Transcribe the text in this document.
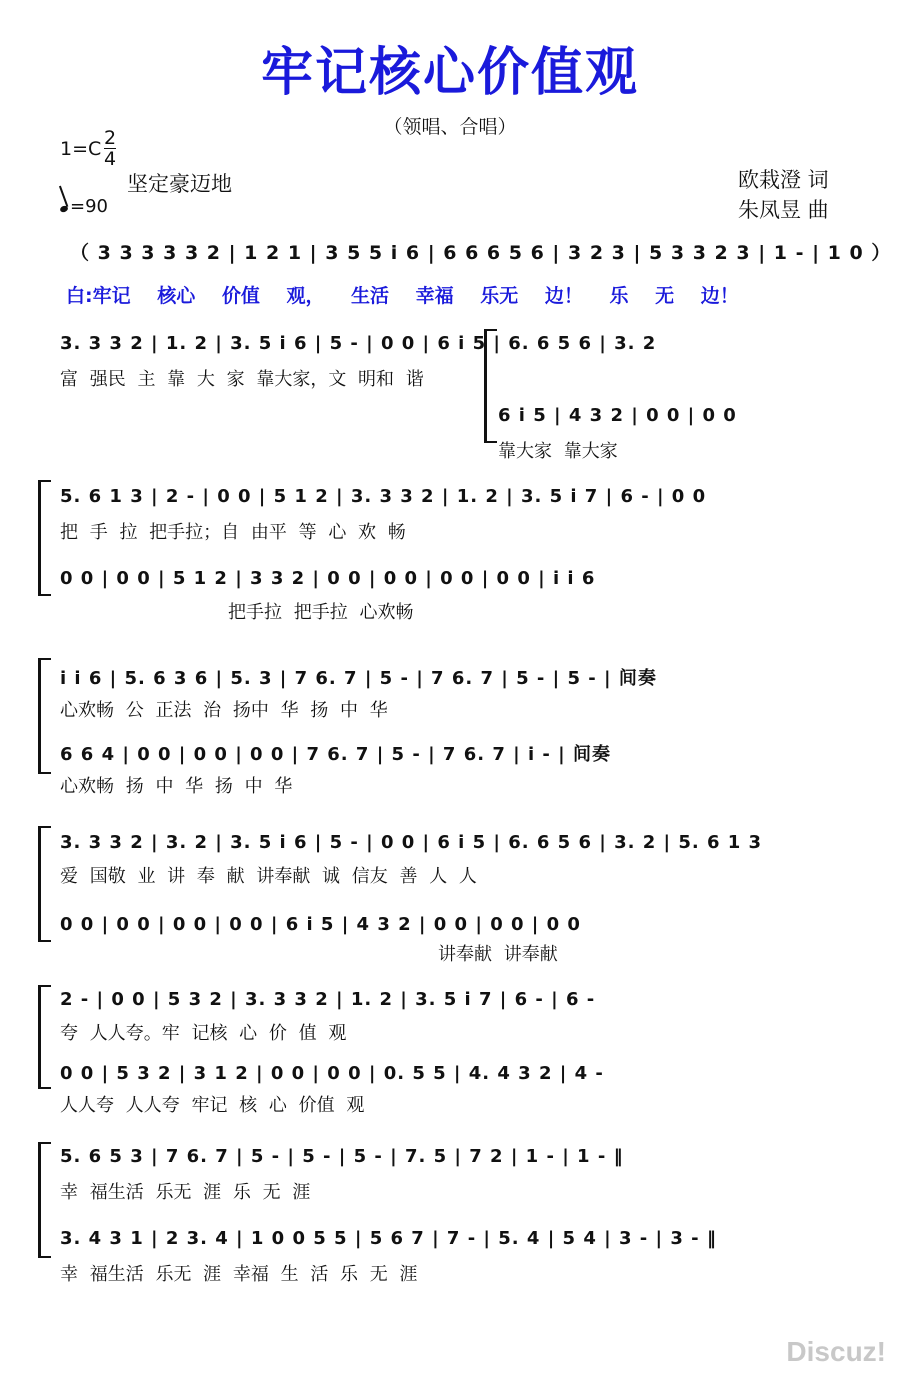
牢记核心价值观
（领唱、合唱）
1=C 2
4
坚定豪迈地
=90
欧栽澄 词
朱凤昱 曲
（ 3 3 3 3 3 2 | 1 2 1 | 3 5 5 i 6 | 6 6 6 5 6 | 3 2 3 | 5 3 3 2 3 | 1 - | 1 0 ）
白:牢记 核心 价值 观， 生活 幸福 乐无 边！ 乐 无 边！
3. 3 3 2 | 1. 2 | 3. 5 i 6 | 5 - | 0 0 | 6 i 5 | 6. 6 5 6 | 3. 2
富 强民 主 靠 大 家 靠大家，文 明和 谐
6 i 5 | 4 3 2 | 0 0 | 0 0
靠大家 靠大家
5. 6 1 3 | 2 - | 0 0 | 5 1 2 | 3. 3 3 2 | 1. 2 | 3. 5 i 7 | 6 - | 0 0
把 手 拉 把手拉；自 由平 等 心 欢 畅
0 0 | 0 0 | 5 1 2 | 3 3 2 | 0 0 | 0 0 | 0 0 | 0 0 | i i 6
把手拉 把手拉 心欢畅
i i 6 | 5. 6 3 6 | 5. 3 | 7 6. 7 | 5 - | 7 6. 7 | 5 - | 5 - | 间奏
心欢畅 公 正法 治 扬中 华 扬 中 华
6 6 4 | 0 0 | 0 0 | 0 0 | 7 6. 7 | 5 - | 7 6. 7 | i - | 间奏
心欢畅 扬 中 华 扬 中 华
3. 3 3 2 | 3. 2 | 3. 5 i 6 | 5 - | 0 0 | 6 i 5 | 6. 6 5 6 | 3. 2 | 5. 6 1 3
爱 国敬 业 讲 奉 献 讲奉献 诚 信友 善 人 人
0 0 | 0 0 | 0 0 | 0 0 | 6 i 5 | 4 3 2 | 0 0 | 0 0 | 0 0
讲奉献 讲奉献
2 - | 0 0 | 5 3 2 | 3. 3 3 2 | 1. 2 | 3. 5 i 7 | 6 - | 6 -
夸 人人夸。牢 记核 心 价 值 观
0 0 | 5 3 2 | 3 1 2 | 0 0 | 0 0 | 0. 5 5 | 4. 4 3 2 | 4 -
人人夸 人人夸 牢记 核 心 价值 观
5. 6 5 3 | 7 6. 7 | 5 - | 5 - | 5 - | 7. 5 | 7 2 | 1 - | 1 - ‖
幸 福生活 乐无 涯 乐 无 涯
3. 4 3 1 | 2 3. 4 | 1 0 0 5 5 | 5 6 7 | 7 - | 5. 4 | 5 4 | 3 - | 3 - ‖
幸 福生活 乐无 涯 幸福 生 活 乐 无 涯
Discuz!
